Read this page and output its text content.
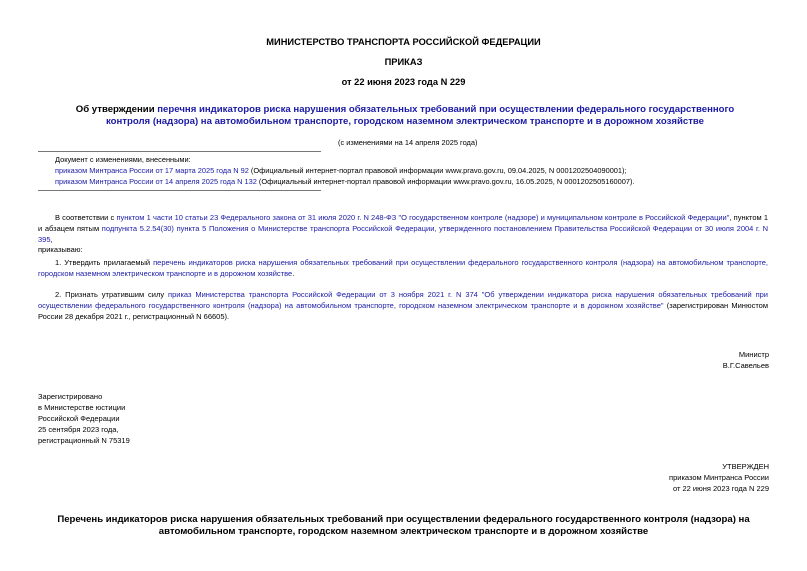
МИНИСТЕРСТВО ТРАНСПОРТА РОССИЙСКОЙ ФЕДЕРАЦИИ
ПРИКАЗ
от 22 июня 2023 года N 229
Об утверждении перечня индикаторов риска нарушения обязательных требований при осуществлении федерального государственного контроля (надзора) на автомобильном транспорте, городском наземном электрическом транспорте и в дорожном хозяйстве
(с изменениями на 14 апреля 2025 года)
Документ с изменениями, внесенными:
приказом Минтранса России от 17 марта 2025 года N 92 (Официальный интернет-портал правовой информации www.pravo.gov.ru, 09.04.2025, N 0001202504090001);
приказом Минтранса России от 14 апреля 2025 года N 132 (Официальный интернет-портал правовой информации www.pravo.gov.ru, 16.05.2025, N 0001202505160007).
В соответствии с пунктом 1 части 10 статьи 23 Федерального закона от 31 июля 2020 г. N 248-ФЗ "О государственном контроле (надзоре) и муниципальном контроле в Российской Федерации", пунктом 1 и абзацем пятым подпункта 5.2.54(30) пункта 5 Положения о Министерстве транспорта Российской Федерации, утвержденного постановлением Правительства Российской Федерации от 30 июля 2004 г. N 395,
приказываю:
1. Утвердить прилагаемый перечень индикаторов риска нарушения обязательных требований при осуществлении федерального государственного контроля (надзора) на автомобильном транспорте, городском наземном электрическом транспорте и в дорожном хозяйстве.
2. Признать утратившим силу приказ Министерства транспорта Российской Федерации от 3 ноября 2021 г. N 374 "Об утверждении индикатора риска нарушения обязательных требований при осуществлении федерального государственного контроля (надзора) на автомобильном транспорте, городском наземном электрическом транспорте и в дорожном хозяйстве" (зарегистрирован Минюстом России 28 декабря 2021 г., регистрационный N 66605).
Министр
В.Г.Савельев
Зарегистрировано
в Министерстве юстиции
Российской Федерации
25 сентября 2023 года,
регистрационный N 75319
УТВЕРЖДЕН
приказом Минтранса России
от 22 июня 2023 года N 229
Перечень индикаторов риска нарушения обязательных требований при осуществлении федерального государственного контроля (надзора) на автомобильном транспорте, городском наземном электрическом транспорте и в дорожном хозяйстве
